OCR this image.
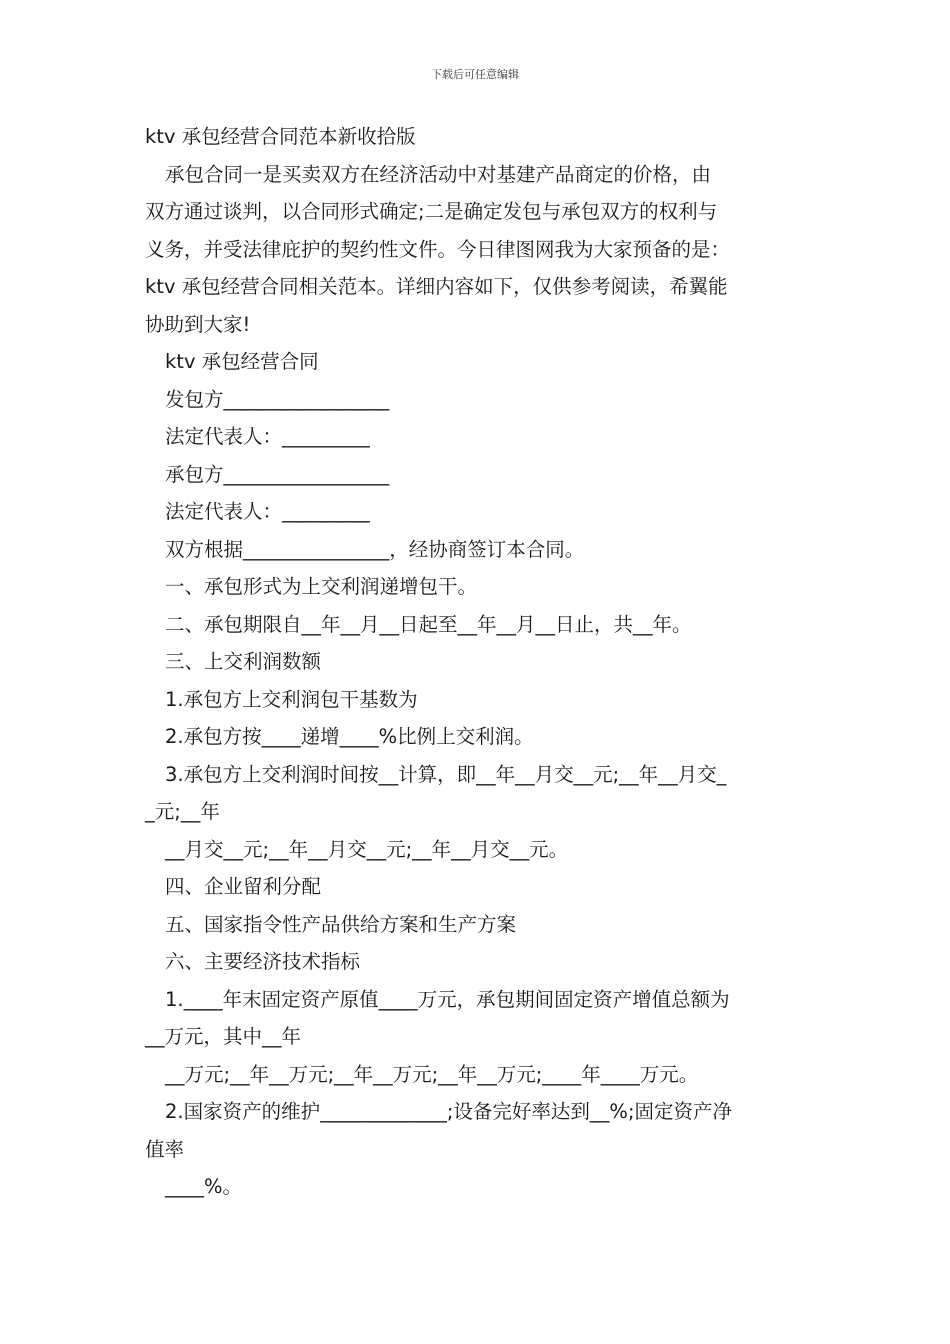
下载后可任意编辑
ktv 承包经营合同范本新收拾版
承包合同一是买卖双方在经济活动中对基建产品商定的价格，由
双方通过谈判，以合同形式确定;二是确定发包与承包双方的权利与
义务，并受法律庇护的契约性文件。今日律图网我为大家预备的是：
ktv 承包经营合同相关范本。详细内容如下，仅供参考阅读，希翼能
协助到大家!
ktv 承包经营合同
发包方_________________
法定代表人：_________
承包方_________________
法定代表人：_________
双方根据_______________，经协商签订本合同。
一、承包形式为上交利润递增包干。
二、承包期限自__年__月__日起至__年__月__日止，共__年。
三、上交利润数额
1.承包方上交利润包干基数为
2.承包方按____递增____%比例上交利润。
3.承包方上交利润时间按__计算，即__年__月交__元;__年__月交_
_元;__年
__月交__元;__年__月交__元;__年__月交__元。
四、企业留利分配
五、国家指令性产品供给方案和生产方案
六、主要经济技术指标
1.____年末固定资产原值____万元，承包期间固定资产增值总额为
__万元，其中__年
__万元;__年__万元;__年__万元;__年__万元;____年____万元。
2.国家资产的维护_____________;设备完好率达到__%;固定资产净
值率
____%。
